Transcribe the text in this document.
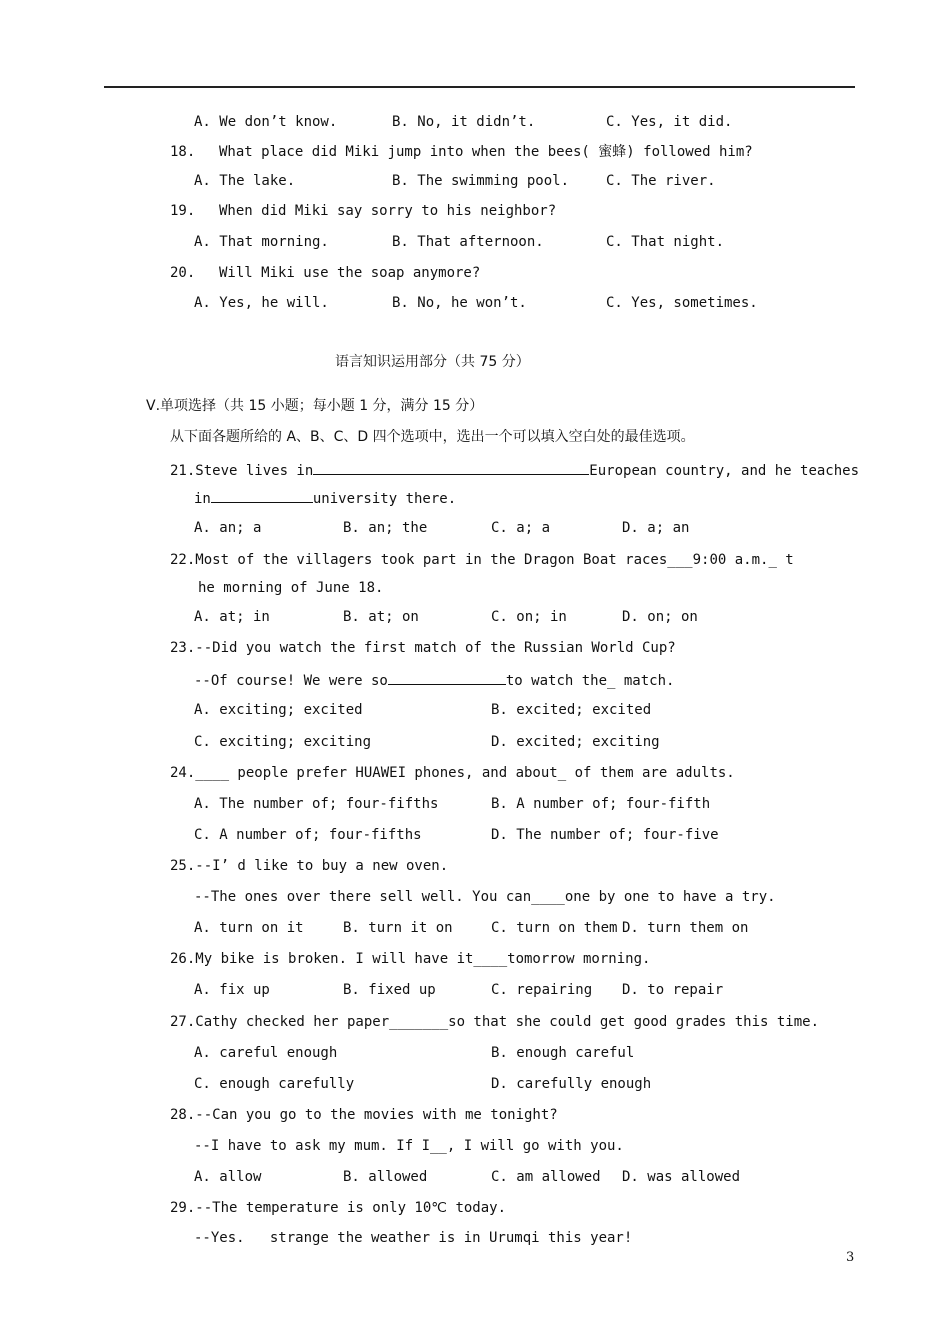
A. We don’t know.	B. No, it didn’t.	C. Yes, it did.
18. What place did Miki jump into when the bees( 蜜蜂) followed him?
A. The lake.	B. The swimming pool.	C. The river.
19. When did Miki say sorry to his neighbor?
A. That morning.	B. That afternoon.	C. That night.
20. Will Miki use the soap anymore?
A. Yes, he will.	B. No, he won’t.	C. Yes, sometimes.
语言知识运用部分（共 75 分）
Ⅴ.单项选择（共 15 小题；每小题 1 分，满分 15 分）
从下面各题所给的 A、B、C、D 四个选项中，选出一个可以填入空白处的最佳选项。
21.Steve lives in	European country, and he teaches
in	university there.
A. an; a	B. an; the	C. a; a	D. a; an
22.Most of the villagers took part in the Dragon Boat races___9:00 a.m._ t
he morning of June 18.
A. at; in	B. at; on	C. on; in	D. on; on
23.--Did you watch the first match of the Russian World Cup?
--Of course! We were so	to watch the_ match.
A. exciting; excited	B. excited; excited
C. exciting; exciting	D. excited; exciting
24.____ people prefer HUAWEI phones, and about_ of them are adults.
A. The number of; four-fifths	B. A number of; four-fifth
C. A number of; four-fifths	D. The number of; four-five
25.--I’ d like to buy a new oven.
--The ones over there sell well. You can____one by one to have a try.
A. turn on it	B. turn it on	C. turn on them D. turn them on
26.My bike is broken. I will have it____tomorrow morning.
A. fix up	B. fixed up	C. repairing D. to repair
27.Cathy checked her paper_______so that she could get good grades this time.
A. careful enough	B. enough careful
C. enough carefully	D. carefully enough
28.--Can you go to the movies with me tonight?
--I have to ask my mum. If I__, I will go with you.
A. allow	B. allowed	C. am allowed D. was allowed
29.--The temperature is only 10℃ today.
--Yes.   strange the weather is in Urumqi this year!
3
